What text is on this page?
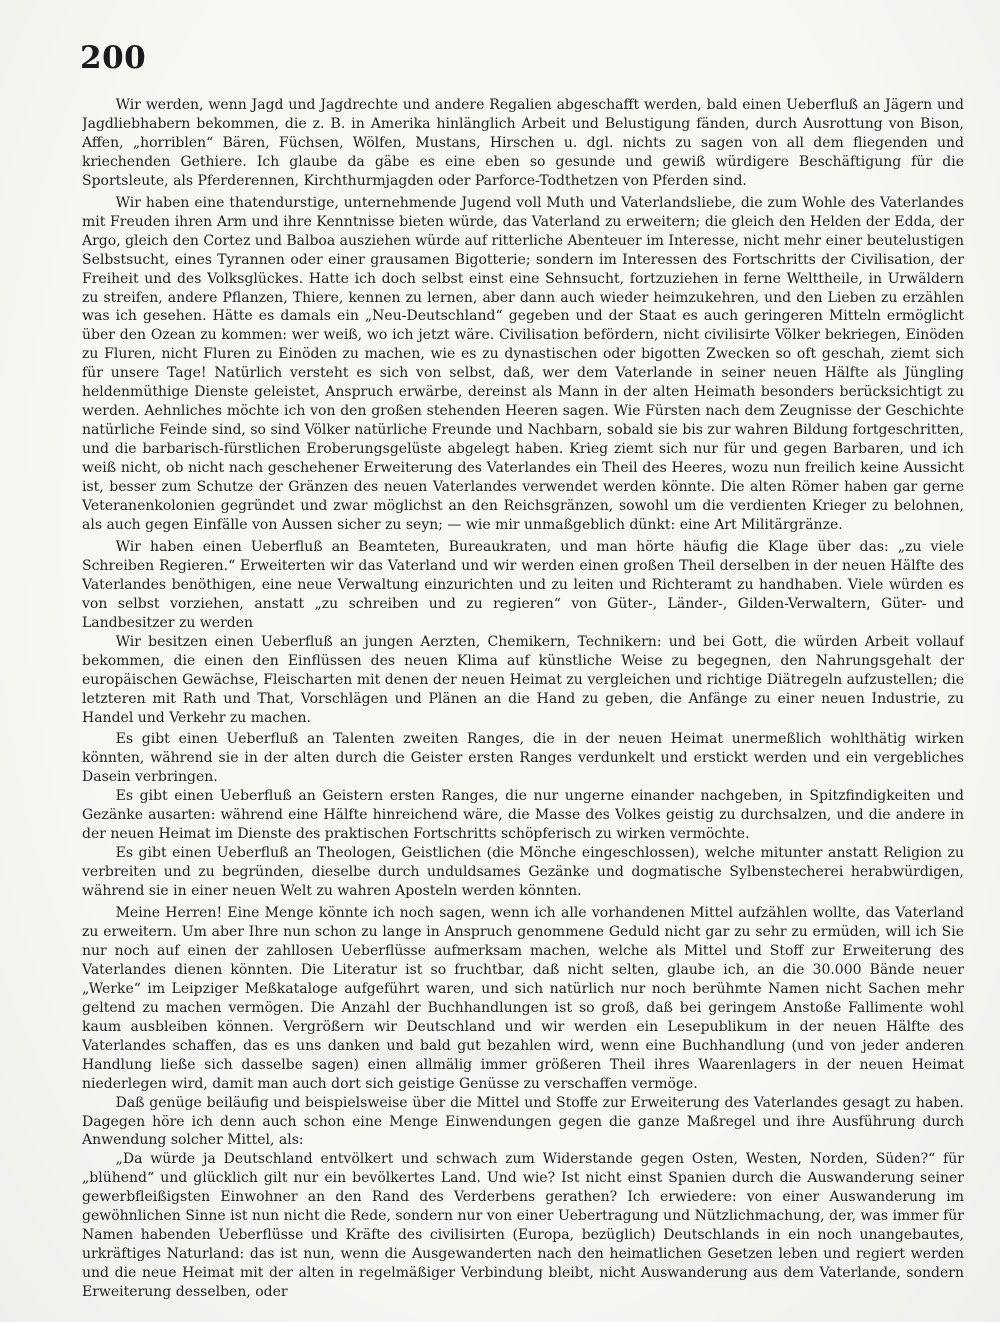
200

Wir werden, wenn Jagd und Jagdrechte und andere Regalien abgeschafft werden, bald einen Ueberfluß an Jägern und Jagdliebhabern bekommen, die z. B. in Amerika hinlänglich Arbeit und Belustigung fänden, durch Ausrottung von Bison, Affen, „horriblen“ Bären, Füchsen, Wölfen, Mustans, Hirschen u. dgl. nichts zu sagen von all dem fliegenden und kriechenden Gethiere. Ich glaube da gäbe es eine eben so gesunde und gewiß würdigere Beschäftigung für die Sportsleute, als Pferderennen, Kirchthurmjagden oder Parforce-Todthetzen von Pferden sind.

Wir haben eine thatendurstige, unternehmende Jugend voll Muth und Vaterlandsliebe, die zum Wohle des Vaterlandes mit Freuden ihren Arm und ihre Kenntnisse bieten würde, das Vaterland zu erweitern; die gleich den Helden der Edda, der Argo, gleich den Cortez und Balboa ausziehen würde auf ritterliche Abenteuer im Interesse, nicht mehr einer beutelustigen Selbstsucht, eines Tyrannen oder einer grausamen Bigotterie; sondern im Interessen des Fortschritts der Civilisation, der Freiheit und des Volksglückes. Hatte ich doch selbst einst eine Sehnsucht, fortzuziehen in ferne Welttheile, in Urwäldern zu streifen, andere Pflanzen, Thiere, kennen zu lernen, aber dann auch wieder heimzukehren, und den Lieben zu erzählen was ich gesehen. Hätte es damals ein „Neu-Deutschland“ gegeben und der Staat es auch geringeren Mitteln ermöglicht über den Ozean zu kommen: wer weiß, wo ich jetzt wäre. Civilisation befördern, nicht civilisirte Völker bekriegen, Einöden zu Fluren, nicht Fluren zu Einöden zu machen, wie es zu dynastischen oder bigotten Zwecken so oft geschah, ziemt sich für unsere Tage! Natürlich versteht es sich von selbst, daß, wer dem Vaterlande in seiner neuen Hälfte als Jüngling heldenmüthige Dienste geleistet, Anspruch erwärbe, dereinst als Mann in der alten Heimath besonders berücksichtigt zu werden. Aehnliches möchte ich von den großen stehenden Heeren sagen. Wie Fürsten nach dem Zeugnisse der Geschichte natürliche Feinde sind, so sind Völker natürliche Freunde und Nachbarn, sobald sie bis zur wahren Bildung fortgeschritten, und die barbarisch-fürstlichen Eroberungsgelüste abgelegt haben. Krieg ziemt sich nur für und gegen Barbaren, und ich weiß nicht, ob nicht nach geschehener Erweiterung des Vaterlandes ein Theil des Heeres, wozu nun freilich keine Aussicht ist, besser zum Schutze der Gränzen des neuen Vaterlandes verwendet werden könnte. Die alten Römer haben gar gerne Veteranenkolonien gegründet und zwar möglichst an den Reichsgränzen, sowohl um die verdienten Krieger zu belohnen, als auch gegen Einfälle von Aussen sicher zu seyn; — wie mir unmaßgeblich dünkt: eine Art Militärgränze.

Wir haben einen Ueberfluß an Beamteten, Bureaukraten, und man hörte häufig die Klage über das: „zu viele Schreiben Regieren.“ Erweiterten wir das Vaterland und wir werden einen großen Theil derselben in der neuen Hälfte des Vaterlandes benöthigen, eine neue Verwaltung einzurichten und zu leiten und Richteramt zu handhaben. Viele würden es von selbst vorziehen, anstatt „zu schreiben und zu regieren“ von Güter-, Länder-, Gilden-Verwaltern, Güter- und Landbesitzer zu werden

Wir besitzen einen Ueberfluß an jungen Aerzten, Chemikern, Technikern: und bei Gott, die würden Arbeit vollauf bekommen, die einen den Einflüssen des neuen Klima auf künstliche Weise zu begegnen, den Nahrungsgehalt der europäischen Gewächse, Fleischarten mit denen der neuen Heimat zu vergleichen und richtige Diätregeln aufzustellen; die letzteren mit Rath und That, Vorschlägen und Plänen an die Hand zu geben, die Anfänge zu einer neuen Industrie, zu Handel und Verkehr zu machen.

Es gibt einen Ueberfluß an Talenten zweiten Ranges, die in der neuen Heimat unermeßlich wohlthätig wirken könnten, während sie in der alten durch die Geister ersten Ranges verdunkelt und erstickt werden und ein vergebliches Dasein verbringen.

Es gibt einen Ueberfluß an Geistern ersten Ranges, die nur ungerne einander nachgeben, in Spitzfindigkeiten und Gezänke ausarten: während eine Hälfte hinreichend wäre, die Masse des Volkes geistig zu durchsalzen, und die andere in der neuen Heimat im Dienste des praktischen Fortschritts schöpferisch zu wirken vermöchte.

Es gibt einen Ueberfluß an Theologen, Geistlichen (die Mönche eingeschlossen), welche mitunter anstatt Religion zu verbreiten und zu begründen, dieselbe durch unduldsames Gezänke und dogmatische Sylbenstecherei herabwürdigen, während sie in einer neuen Welt zu wahren Aposteln werden könnten.

Meine Herren! Eine Menge könnte ich noch sagen, wenn ich alle vorhandenen Mittel aufzählen wollte, das Vaterland zu erweitern. Um aber Ihre nun schon zu lange in Anspruch genommene Geduld nicht gar zu sehr zu ermüden, will ich Sie nur noch auf einen der zahllosen Ueberflüsse aufmerksam machen, welche als Mittel und Stoff zur Erweiterung des Vaterlandes dienen könnten. Die Literatur ist so fruchtbar, daß nicht selten, glaube ich, an die 30.000 Bände neuer „Werke“ im Leipziger Meßkataloge aufgeführt waren, und sich natürlich nur noch berühmte Namen nicht Sachen mehr geltend zu machen vermögen. Die Anzahl der Buchhandlungen ist so groß, daß bei geringem Anstoße Fallimente wohl kaum ausbleiben können. Vergrößern wir Deutschland und wir werden ein Lesepublikum in der neuen Hälfte des Vaterlandes schaffen, das es uns danken und bald gut bezahlen wird, wenn eine Buchhandlung (und von jeder anderen Handlung ließe sich dasselbe sagen) einen allmälig immer größeren Theil ihres Waarenlagers in der neuen Heimat niederlegen wird, damit man auch dort sich geistige Genüsse zu verschaffen vermöge.

Daß genüge beiläufig und beispielsweise über die Mittel und Stoffe zur Erweiterung des Vaterlandes gesagt zu haben. Dagegen höre ich denn auch schon eine Menge Einwendungen gegen die ganze Maßregel und ihre Ausführung durch Anwendung solcher Mittel, als:

„Da würde ja Deutschland entvölkert und schwach zum Widerstande gegen Osten, Westen, Norden, Süden?“ für „blühend“ und glücklich gilt nur ein bevölkertes Land. Und wie? Ist nicht einst Spanien durch die Auswanderung seiner gewerbfleißigsten Einwohner an den Rand des Verderbens gerathen? Ich erwiedere: von einer Auswanderung im gewöhnlichen Sinne ist nun nicht die Rede, sondern nur von einer Uebertragung und Nützlichmachung, der, was immer für Namen habenden Ueberflüsse und Kräfte des civilisirten (Europa, bezüglich) Deutschlands in ein noch unangebautes, urkräftiges Naturland: das ist nun, wenn die Ausgewanderten nach den heimatlichen Gesetzen leben und regiert werden und die neue Heimat mit der alten in regelmäßiger Verbindung bleibt, nicht Auswanderung aus dem Vaterlande, sondern Erweiterung desselben, oder
